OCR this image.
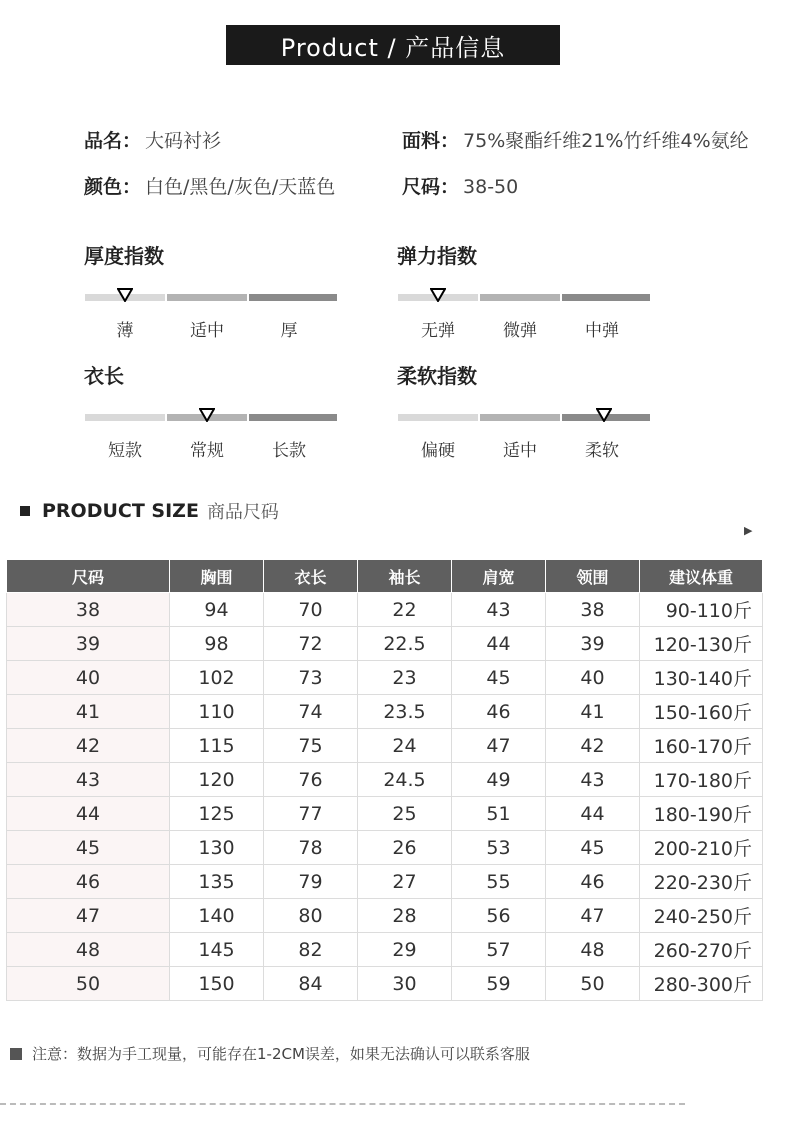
Product / 产品信息
品名： 大码衬衫	面料： 75%聚酯纤维21%竹纤维4%氨纶
颜色： 白色/黑色/灰色/天蓝色	尺码： 38-50
厚度指数
薄	适中	厚
弹力指数
无弹	微弹	中弹
衣长
短款	常规	长款
柔软指数
偏硬	适中	柔软
PRODUCT SIZE 商品尺码
▶
尺码	胸围	衣长	袖长	肩宽	领围	建议体重
38	94	70	22	43	38	90-110斤
39	98	72	22.5	44	39	120-130斤
40	102	73	23	45	40	130-140斤
41	110	74	23.5	46	41	150-160斤
42	115	75	24	47	42	160-170斤
43	120	76	24.5	49	43	170-180斤
44	125	77	25	51	44	180-190斤
45	130	78	26	53	45	200-210斤
46	135	79	27	55	46	220-230斤
47	140	80	28	56	47	240-250斤
48	145	82	29	57	48	260-270斤
50	150	84	30	59	50	280-300斤
注意：数据为手工现量，可能存在1-2CM误差，如果无法确认可以联系客服
